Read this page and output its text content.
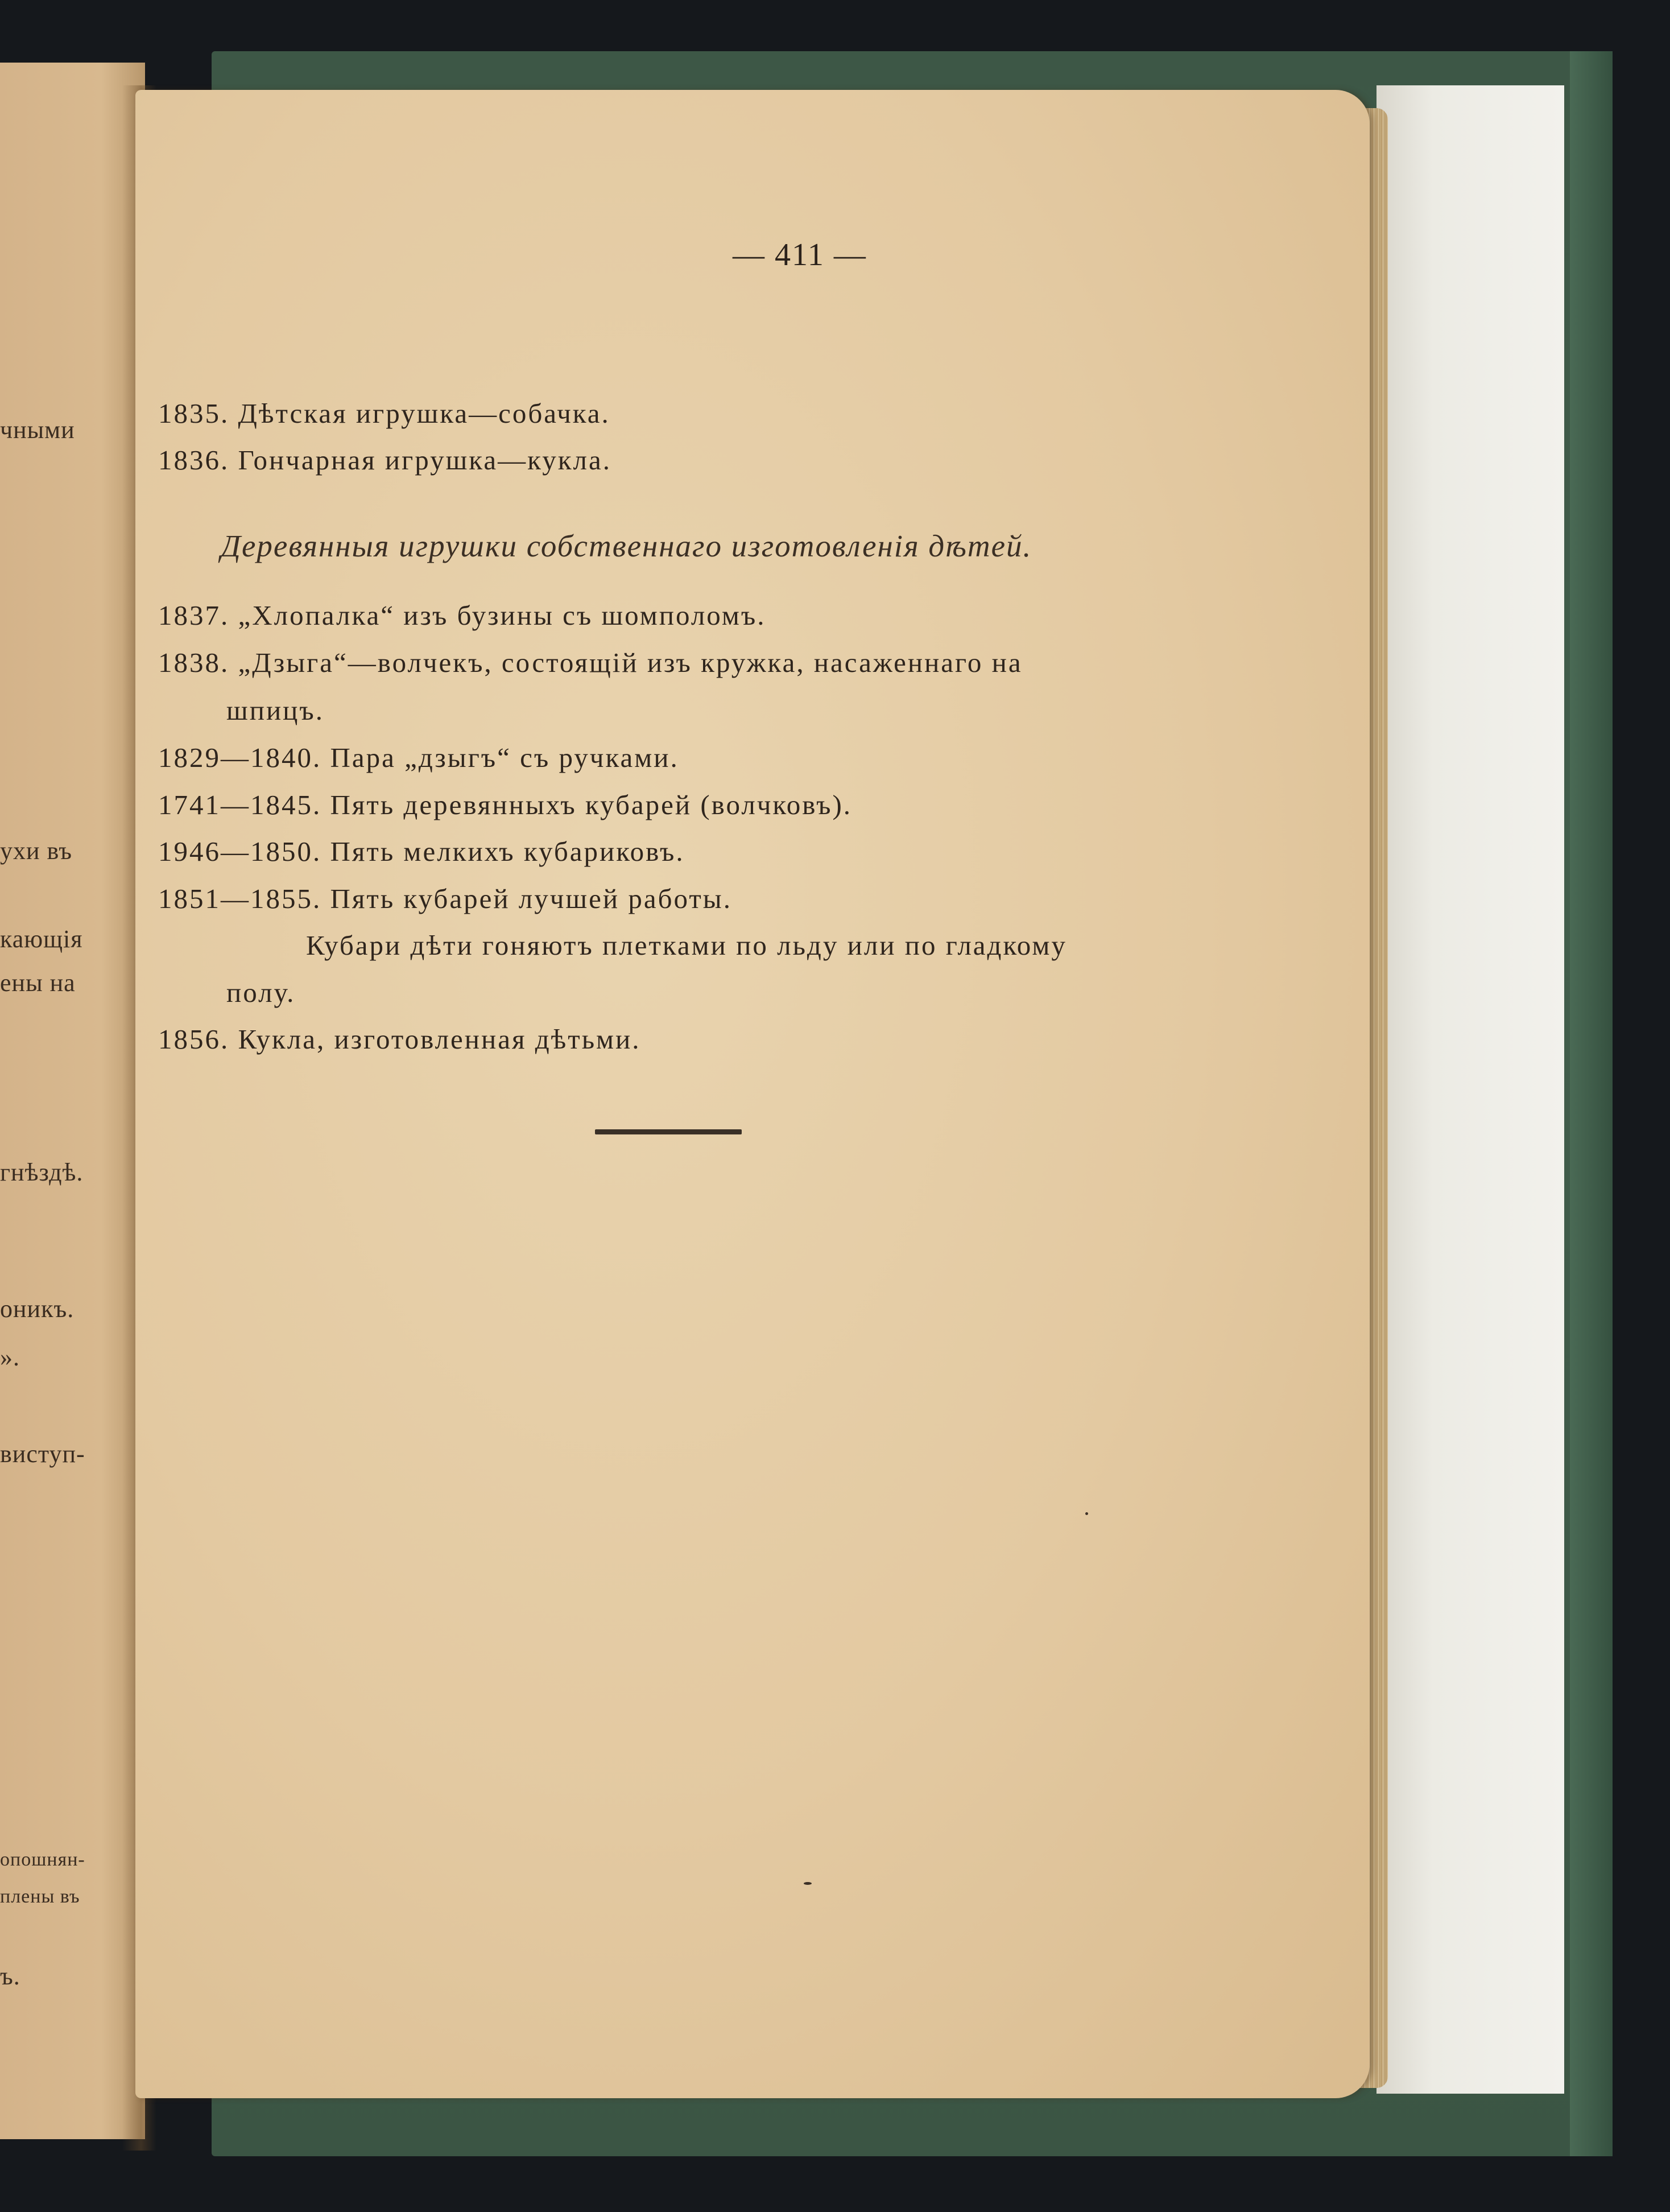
чными
ухи въ
кающія
ены на
гнѣздѣ.
оникъ.
».
виступ-
опошнян-
плены въ
ъ.
— 411 —
1835. Дѣтская игрушка—собачка.
1836. Гончарная игрушка—кукла.
Деревянныя игрушки собственнаго изготовленія дѣтей.
1837. „Хлопалка“ изъ бузины съ шомполомъ.
1838. „Дзыга“—волчекъ, состоящій изъ кружка, насаженнаго на
шпицъ.
1829—1840. Пара „дзыгъ“ съ ручками.
1741—1845. Пять деревянныхъ кубарей (волчковъ).
1946—1850. Пять мелкихъ кубариковъ.
1851—1855. Пять кубарей лучшей работы.
Кубари дѣти гоняютъ плетками по льду или по гладкому
полу.
1856. Кукла, изготовленная дѣтьми.
